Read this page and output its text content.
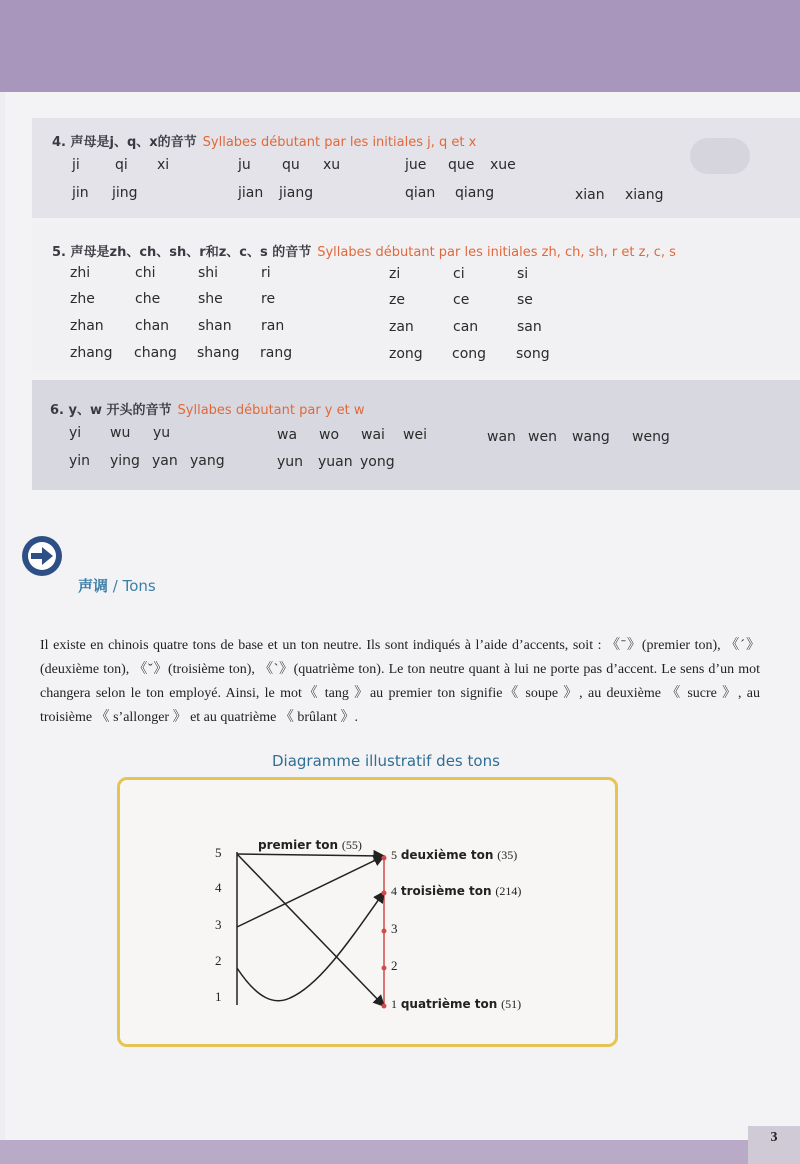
4. 声母是j、q、x的音节 Syllabes débutant par les initiales j, q et x
ji	qi xi	ju qu xu	jue que xue
jin jing	jian jiang	qian qiang	xian xiang
5. 声母是zh、ch、sh、r和z、c、s 的音节 Syllabes débutant par les initiales zh, ch, sh, r et z, c, s
zhi	chi	shi	ri	zi	ci	si
zhe	che	she	re	ze	ce	se
zhan chan shan ran	zan	can	san
zhang chang shang rang	zong cong song
6. y、w 开头的音节 Syllabes débutant par y et w
yi wu yu	wa wo wai wei	wan wen wang weng
yin ying yan yang	yun yuan yong
声调 / Tons

Il existe en chinois quatre tons de base et un ton neutre. Ils sont indiqués à l’aide d’accents, soit : 《ˉ》(premier ton), 《ˊ》(deuxième ton), 《ˇ》(troisième ton), 《ˋ》(quatrième ton). Le ton neutre quant à lui ne porte pas d’accent. Le sens d’un mot changera selon le ton employé. Ainsi, le mot《 tang 》au premier ton signifie《 soupe 》, au deuxième 《 sucre 》, au troisième 《 s’allonger 》 et au quatrième 《 brûlant 》.

Diagramme illustratif des tons
5
4
3
2
1
3
2
premier ton (55)
5 deuxième ton (35)
4 troisième ton (214)
1 quatrième ton (51)
3
